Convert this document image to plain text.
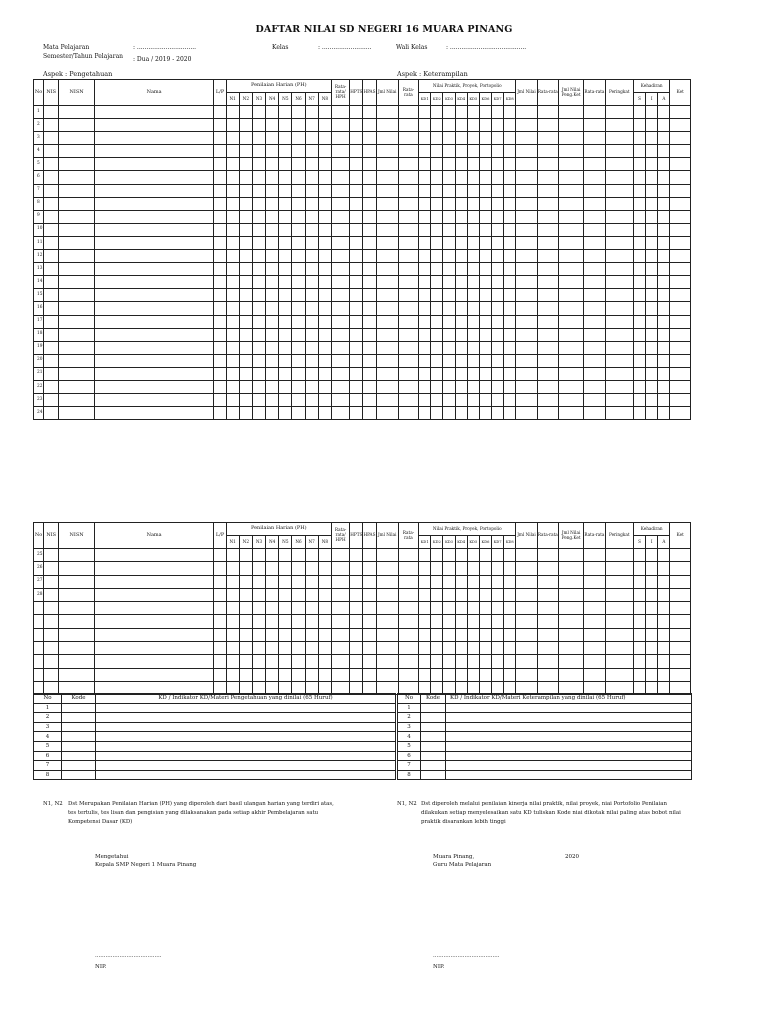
DAFTAR NILAI SD NEGERI 16 MUARA PINANG
Mata Pelajaran	: ...............................	Kelas	: ..........................	Wali Kelas	: ........................................
Semester/Tahun Pelajaran : Dua / 2019 - 2020
Aspek : Pengetahuan	Aspek : Keterampilan
No	NIS	NISN	Nama	L/P	Penilaian Harian (PH)								Rata-rata/ HPH	HPTS	HPAS	Jml Nilai	Rata-rata	Nilai Praktik, Proyek, Portopolio								Jml Nilai	Rata-rata	Jml Nilai Peng.Ket	Rata-rata	Peringkat	Kehadiran			Ket
					N1	N2	N3	N4	N5	N6	N7	N8						KD1	KD2	KD3	KD4	KD5	KD6	KD7	KD8						S	I	A	
1																																		
2																																		
3																																		
4																																		
5																																		
6																																		
7																																		
8																																		
9																																		
10																																		
11																																		
12																																		
13																																		
14																																		
15																																		
16																																		
17																																		
18																																		
19																																		
20																																		
21																																		
22																																		
23																																		
24																																		
No	NIS	NISN	Nama	L/P	Penilaian Harian (PH)								Rata-rata/ HPH	HPTS	HPAS	Jml Nilai	Rata-rata	Nilai Praktik, Proyek, Portopolio								Jml Nilai	Rata-rata	Jml Nilai Peng.Ket	Rata-rata	Peringkat	Kehadiran			Ket
					N1	N2	N3	N4	N5	N6	N7	N8						KD1	KD2	KD3	KD4	KD5	KD6	KD7	KD8						S	I	A	
25																																		
26																																		
27																																		
28																																		

No	Kode	KD / Indikator KD/Materi Pengetahuan yang dinilai (65 Huruf)
1		
2		
3		
4		
5		
6		
7		
8		
No	Kode	KD / Indikator KD/Materi Keterampilan yang dinilai (65 Huruf)
1		
2		
3		
4		
5		
6		
7		
8		
N1, N2 Dst Merupakan Penilaian Harian (PH) yang diperoleh dari basil ulangan harian yang terdiri atas, tes tertulis, tes lisan dan pengisian yang dilaksanakan pada setiap akhir Pembelajaran satu Kompetensi Dasar (KD)
N1, N2 Dst diperoleh melalui penilaian kinerja nilai praktik, nilai proyek, niai Portofolio Penilaian dilakukan setiap menyelesaikan satu KD tuliskan Kode niai dikotak nilai paling atas bobot nilai praktik disarankan lebih tinggi
Mengetahui
Kepala SMP Negeri 1 Muara Pinang
Muara Pinang,	2020
Guru Mata Pelajaran
......................................	......................................
NIP.	NIP.
